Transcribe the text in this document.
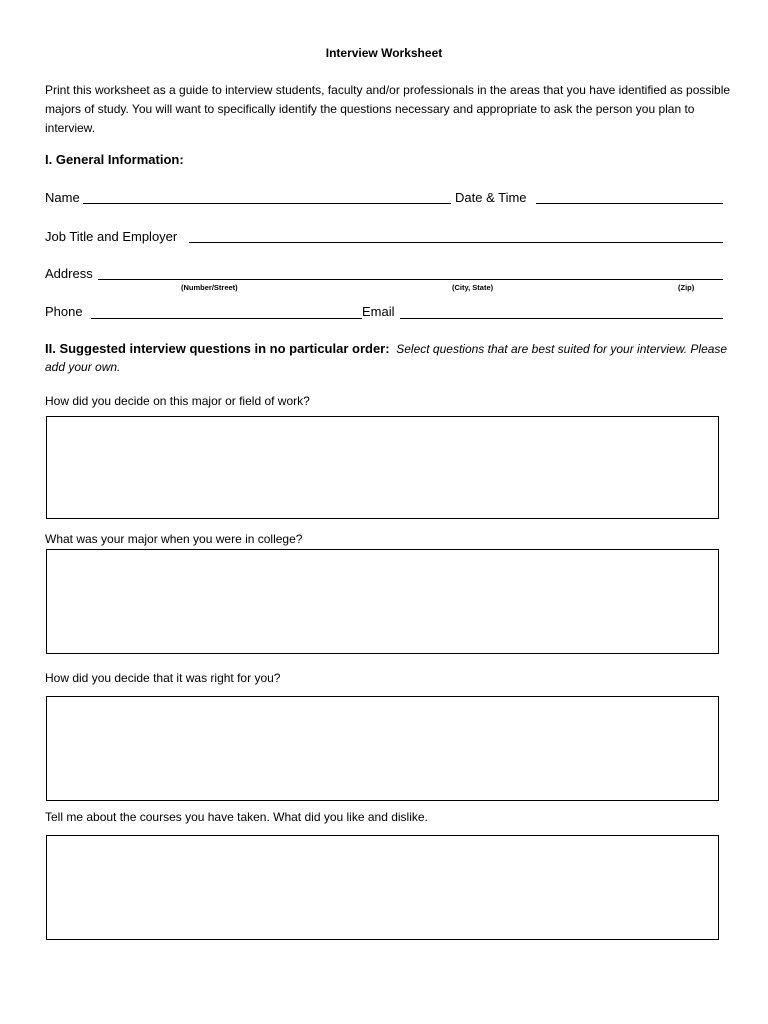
Interview Worksheet
Print this worksheet as a guide to interview students, faculty and/or professionals in the areas that you have identified as possible majors of study. You will want to specifically identify the questions necessary and appropriate to ask the person you plan to interview.
I. General Information:
Name	Date & Time
Job Title and Employer
Address
(Number/Street)	(City, State)	(Zip)
Phone	Email
II. Suggested interview questions in no particular order: Select questions that are best suited for your interview. Please add your own.
How did you decide on this major or field of work?
What was your major when you were in college?
How did you decide that it was right for you?
Tell me about the courses you have taken. What did you like and dislike.
